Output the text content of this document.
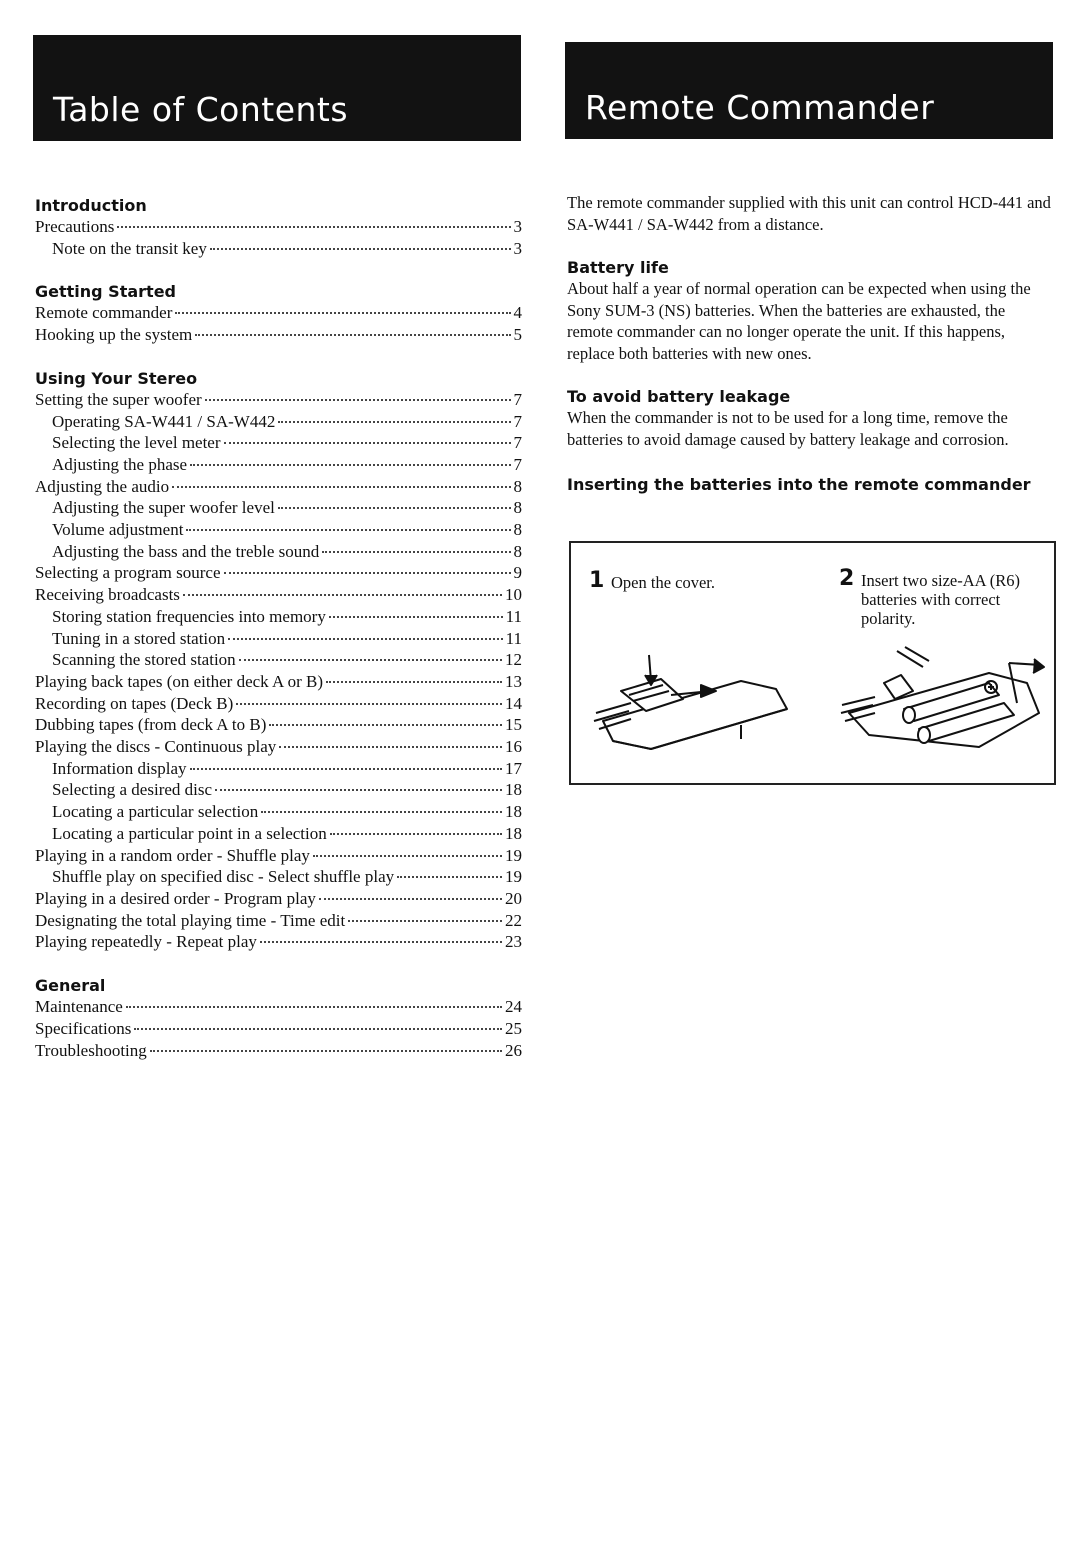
Table of Contents	Remote Commander
Introduction
Precautions	3
Note on the transit key	3
Getting Started
Remote commander	4
Hooking up the system	5
Using Your Stereo
Setting the super woofer	7
Operating SA-W441 / SA-W442	7
Selecting the level meter	7
Adjusting the phase	7
Adjusting the audio	8
Adjusting the super woofer level	8
Volume adjustment	8
Adjusting the bass and the treble sound	8
Selecting a program source	9
Receiving broadcasts	10
Storing station frequencies into memory	11
Tuning in a stored station	11
Scanning the stored station	12
Playing back tapes (on either deck A or B)	13
Recording on tapes (Deck B)	14
Dubbing tapes (from deck A to B)	15
Playing the discs - Continuous play	16
Information display	17
Selecting a desired disc	18
Locating a particular selection	18
Locating a particular point in a selection	18
Playing in a random order - Shuffle play	19
Shuffle play on specified disc - Select shuffle play	19
Playing in a desired order - Program play	20
Designating the total playing time - Time edit	22
Playing repeatedly - Repeat play	23
General
Maintenance	24
Specifications	25
Troubleshooting	26

The remote commander supplied with this unit can control HCD-441 and SA-W441 / SA-W442 from a distance.

Battery life

About half a year of normal operation can be expected when using the Sony SUM-3 (NS) batteries. When the batteries are exhausted, the remote commander can no longer operate the unit. If this happens, replace both batteries with new ones.

To avoid battery leakage

When the commander is not to be used for a long time, remove the batteries to avoid damage caused by battery leakage and corrosion.

Inserting the batteries into the remote commander
1 Open the cover.	2 Insert two size-AA (R6) batteries with correct polarity.
